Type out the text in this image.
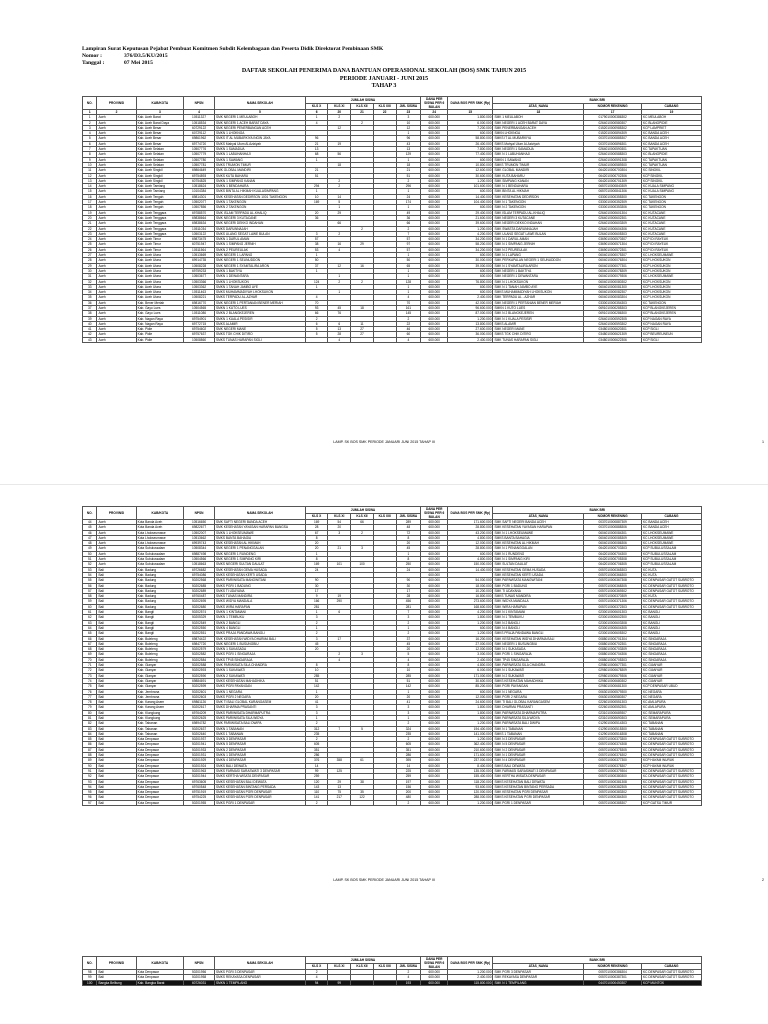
Lampiran Surat Keputusan Pejabat Pembuat Komitmen Subdit Kelembagaan dan Peserta Didik Direktorat Pembinaan SMK
Nomor :	376/D3.5/KU/2015
Tanggal :	07 Mei 2015
DAFTAR SEKOLAH PENERIMA DANA BANTUAN OPERASIONAL SEKOLAH (BOS) SMK TAHUN 2015
PERIODE JANUARI - JUNI 2015
TAHAP 3
NO.	PROVINSI	KAB/KOTA	NPSN	NAMA SEKOLAH	JUMLAH SISWA					DANA PER SISWA PER 6 BULAN	DANA BOS PER SMK (Rp)	BANK BRI		
					KLS X	KLS XI	KLS XII	KLS XIII	JML SISWA			ATAS_NAMA	NOMOR REKENING	CABANG
1	2	3	4	5	6	20	21	22	23	24	15	18	17	19
1	Aceh	Kab. Aceh Barat	10511327	SMK NEGERI 1 MEULABOH	1	2			3	600.000	1.800.000	SMK 1 MEULABOH	0179010000386302	KC MEULABOH
2	Aceh	Kab. Aceh Barat Daya	10518534	SMK NEGERI 1 ACEH BARAT DAYA	4		2		10	600.000	6.000.000	SMK NEGERI 1 ACEH BARAT DAYA	0264010000580307	KC BLANGPIDIE
3	Aceh	Kab. Aceh Besar	60729122	SMK NEGERI PENERBANGAN ACEH		12			12	600.000	7.200.000	SMK PENERBANGAN ACEH	0152010000985302	KCP LAMPRIET
4	Aceh	Kab. Aceh Besar	60729112	SMKN 1 LHOKNGA					1	600.000	600.000	SMKN LHOKNGA	0152010000894309	KC BANDA ACEH
5	Aceh	Kab. Aceh Besar	69861962	SMKS IT AL MUBARKIYA INGIN JAYA	96				96	600.000	58.800.000	SMKS IT AL MUBARKIYA	0037010000885307	KC BANDA ACEH
6	Aceh	Kab. Aceh Besar	69774720	SMKS Mahyal Ulum Al-Aziziyah	21	19			43	600.000	26.400.000	SMKS Mahyal Ulum Al-Aziziyah	0037010000896301	KC BANDA ACEH
7	Aceh	Kab. Aceh Selatan	10507776	SMKN 1 SAMADUA	13				13	600.000	7.800.000	SMK NEGERI 1 SAMADUA	0264010000590301	KC TAPAKTUAN
8	Aceh	Kab. Aceh Selatan	10507779	SMKN 1 LABUHANHAJI	68	56			129	600.000	77.400.000	SMK N 1 LABUHANHAJI	0264010000588303	KC BLANGPIDIE
9	Aceh	Kab. Aceh Selatan	10507780	SMKN 1 SAWANG	1				1	600.000	600.000	SMKN 1 SAWANG	0264010000591308	KC TAPAKTUAN
10	Aceh	Kab. Aceh Selatan	10507781	SMKS TRUMON TIMUR		18			18	600.000	10.800.000	SMKS TRUMON TIMUR	0264010000589300	KC TAPAKTUAN
11	Aceh	Kab. Aceh Singkil	69864649	SMK GLOBAL MANDIRI	21				21	600.000	12.600.000	SMK GLOBAL MANDIRI	0642010000700304	KC SINGKIL
12	Aceh	Kab. Aceh Singkil	69754893	SMKS KUTA BAHARU	51				51	600.000	30.600.000	SMK KUTA BAHARU	0642010000702306	KCP SINGKIL
13	Aceh	Kab. Aceh Singkil	60754825	SMKN 1 SIMPANG KANAN		2			2	600.000	1.200.000	SMK SIMPANG KANAN	0642010000701309	KCP SINGKIL
14	Aceh	Kab. Aceh Tamiang	10518624	SMKN 1 BENDAHARA	294	2			296	600.000	101.600.000	SMK N 1 BENDAHARA	0657010000840309	KC KUALA SIMPANG
15	Aceh	Kab. Aceh Tamiang	10104384	SMKS BINTA AL HIKMAH KUALASIMPANG	1				1	600.000	600.000	SMK BINTA AL HIKMAH	0657010000841306	KC KUALA SIMPANG
16	Aceh	Kab. Aceh Tengah	69814301	SMK KESEHATAN DEDIRSON 1001 TAKENGON	10	14			24	600.000	14.400.000	SMK KESEHATAN DEDIRSON	0330010000355300	KC TAKENGON
17	Aceh	Kab. Aceh Tengah	10502077	SMKN 1 TAKENGON	169	5			174	600.000	104.400.000	SMK N 1 TAKENGON	0330010000352309	KC TAKENGON
18	Aceh	Kab. Aceh Tengah	10507856	SMKN 2 TAKENGON		1			1	600.000	600.000	SMK N 2 TAKENGON	0330010000353306	KC TAKENGON
19	Aceh	Kab. Aceh Tenggara	69788570	SMK ISLAM TERPADU AL-KHALIQ	20	29			49	600.000	29.400.000	SMK ISLAM TERPADU AL-KHALIQ	0264010000601304	KC KUTACANE
20	Aceh	Kab. Aceh Tenggara	69838664	SMK NEGERI 3 KUTACANE	36				36	600.000	21.600.000	SMK NEGERI 3 KUTACANE	0264010000602301	KC KUTACANE
21	Aceh	Kab. Aceh Tenggara	69838634	SMK NEGERI DEKKO INDAHAN		66			66	600.000	39.600.000	SMK NEGERI DEKKO INDAHAN	0264010000603309	KC KUTACANE
22	Aceh	Kab. Aceh Tenggara	10511034	SMKS DARUNNAJAH			2		2	600.000	1.200.000	SMK SWASTA DARUNNAJAH	0264010000604306	KC KUTACANE
23	Aceh	Kab. Aceh Tenggara	10503122	SMKS ULANG SEGAT LAWE BULAN	3	2			7	600.000	4.200.000	SMK ULANG SEGAT LAWE BULAN	0264010000605303	KC KUTACANE
24	Aceh	Kab. Aceh Timur	69873475	SMKN 1 DARUL AMAN	57				57	600.000	34.200.000	SMK N 1 DARUL AMAN	0369010000570307	KCP IDI RAYEUK
25	Aceh	Kab. Aceh Timur	60751947	SMKN 1 SIMPANG JERNIH	38	16	29		97	600.000	58.200.000	SMK N 1 SIMPANG JERNIH	0369010000571304	KCP IDI RAYEUK
26	Aceh	Kab. Aceh Timur	10511564	SMKN 2 PEUREULAK	53	4			57	600.000	34.200.000	SMK N 2 PEUREULAK	0369010000572301	KCP IDI RAYEUK
27	Aceh	Kab. Aceh Utara	10513669	SMK NEGERI 1 LAPANG	1				1	600.000	600.000	SMK N 1 LAPANG	0604010000075307	KC LHOKSEUMAWE
28	Aceh	Kab. Aceh Utara	69914735	SMK NEGERI 1 SEUNUDDON	50				50	600.000	30.000.000	SMK PERKAPALAN NEGERI 1 SEUNUDDON	0604010000076304	KCP LHOKSUKON
29	Aceh	Kab. Aceh Utara	10508228	SMK NEGERI 1 SYAMTALIRA ARON	37	12	16		65	600.000	39.000.000	SMK N 1 SYAMTALIRA ARON	0604010000077301	KCP LHOKSUKON
30	Aceh	Kab. Aceh Utara	69759233	SMKN 1 BAKTIYA	1				1	600.000	600.000	SMK NEGERI 1 BAKTIYA	0604010000078309	KCP LHOKSUKON
31	Aceh	Kab. Aceh Utara	10503677	SMKN 1 DEWANTARA		1			1	600.000	600.000	SMK NEGERI 1 DEWANTARA	0604010000079306	KC LHOKSEUMAWE
32	Aceh	Kab. Aceh Utara	10503366	SMKN 1 LHOKSUKON	124	2	2		128	600.000	76.800.000	SMK N 1 LHOKSUKON	0604010000080302	KCP LHOKSUKON
33	Aceh	Kab. Aceh Utara	10503362	SMKN 1 TANAH JAMBO AYE	1				1	600.000	600.000	SMK N 1 TANAH JAMBO AYE	0604010000081300	KCP LHOKSUKON
34	Aceh	Kab. Aceh Utara	10511463	SMKS MUHAMMADIYAH LHOKSUKON		1			1	600.000	600.000	SMKS MUHAMMADIYAH LHOKSUKON	0604010000082307	KCP LHOKSUKON
35	Aceh	Kab. Aceh Utara	10508221	SMKS TERPADU AL-AZHAR	4				4	600.000	2.400.000	SMK TERPADU AL - AZHAR	0604010000083304	KCP LHOKSUKON
36	Aceh	Kab. Bener Meriah	69816770	SMK NEGERI 1 PERTANIAN BENER MERIAH	70				70	600.000	42.000.000	SMK NEGERI 1 PERTANIAN BENER MERIAH	0330010000354303	KC TAKENGON
37	Aceh	Kab. Gayo Lues	10504565	SMKN 1 KUTO LUES	93	45	18		161	600.000	96.600.000	SMKN 1 KUTO LUES	0691010000285303	KCP BLANGKEJEREN
38	Aceh	Kab. Gayo Lues	10511086	SMKN 2 BLANGKEJEREN	66	76			145	600.000	87.000.000	SMK N 2 BLANGKEJEREN	0691010000286300	KCP BLANGKEJEREN
39	Aceh	Kab. Nagan Raya	69754901	SMKN 1 KUALA PESISIR	2				2	600.000	1.200.000	SMK N 1 KUALA PESISIR	0264010000592305	KCP NAGAN RAYA
40	Aceh	Kab. Nagan Raya	69772715	SMKS ALAMIR	6	6	11		22	600.000	13.800.000	SMKS ALAMIR	0264010000593302	KCP NAGAN RAYA
41	Aceh	Kab. Pidie	69754602	SMK NEGERI MANE	5	13	27		46	600.000	27.600.000	SMK NEGERI MANE	0348010000620301	KCP SIGLI
42	Aceh	Kab. Pidie	69757637	SMKS TGK CHIK DITIRO	5	28	27		60	600.000	36.000.000	SMKS TGK CHIK DITIRO	0348010000621309	KCP BEUREUNEUN
43	Aceh	Kab. Pidie	10508860	SMKS TUNAS HARAPAN SIGLI		4			4	600.000	2.400.000	SMK TUNAS HARAPAN SIGLI	0348010000622306	KCP SIGLI
LAMP. SK BOS SMK PERIODE JANUARI JUNI 2015 TAHAP III	1
NO.	PROVINSI	KAB/KOTA	NPSN	NAMA SEKOLAH	JUMLAH SISWA					DANA PER SISWA PER 6 BULAN	DANA BOS PER SMK (Rp)	BANK BRI		
					KLS X	KLS XI	KLS XII	KLS XIII	JML SISWA			ATAS_NAMA	NOMOR REKENING	CABANG
44	Aceh	Kota Banda Aceh	10516650	SMK SAFTI NEGERI BANDA ACEH	169	54	66		289	600.000	171.600.000	SMK SAFTI NEGERI BANDA ACEH	0037010000887309	KC BANDA ACEH
45	Aceh	Kota Banda Aceh	69822677	SMK KESEHATAN YAYASAN HARAPAN BANGSA	28	20			48	600.000	28.800.000	SMK KESEHATAN YAYASAN HARAPAN	0037010000888306	KC BANDA ACEH
46	Aceh	Kota Lhokseumawe	10502007	SMKN 1 LHOKSEUMAWE	67	3	2		72	600.000	43.200.000	SMK N 1 LHOKSEUMAWE	0604010000084301	KC LHOKSEUMAWE
47	Aceh	Kota Lhokseumawe	10513662	SMKS BANTA BAHAGIA	8				8	600.000	4.800.000	SMKS BANTA BAHAGIA	0604010000085309	KC LHOKSEUMAWE
48	Aceh	Kota Lhokseumawe	69939743	SMK KESEHATAN AL HIKMAH	20				20	600.000	12.000.000	SMK KESEHATAN AL HIKMAH	0604010000086306	KC LHOKSEUMAWE
49	Aceh	Kota Subulussalam	10508344	SMK NEGERI 1 PENANGGALAN	20	21	3		45	600.000	28.800.000	SMK N 1 PENANGGALAN	0642010000703303	KCP SUBULUSSALAM
50	Aceh	Kota Subulussalam	69887498	SMK NEGERI 1 RUNDENG	1				1	600.000	600.000	SMK N 1 RUNDENG	0642010000704300	KCP SUBULUSSALAM
51	Aceh	Kota Subulussalam	10504566	SMK NEGERI 1 SIMPANG KIRI	8				8	600.000	4.800.000	SMK N 1 SIMPANG KIRI	0642010000705308	KCP SUBULUSSALAM
52	Aceh	Kota Subulussalam	10518663	SMKS NEGERI SULTAN DAULAT	169	101	100		250	600.000	150.000.000	SMK SULTAN DAULAT	0642010000706305	KCP SUBULUSSALAM
53	Bali	Kab. Badung	69726682	SMK KESEHATAN GEMA HUSADA	24				24	600.000	14.400.000	SMK KESEHATAN GEMA HUSADA	0057010000365303	KC KUTA
54	Bali	Kab. Badung	69754086	SMKS KESEHATAN KERTI USADA						600.000		SMK KESEHATAN KERTI USADA	0057010000366300	KC KUTA
55	Bali	Kab. Badung	50202568	SMKS PARIWISATA MANGWITANI	90				90	600.000	54.000.000	SMK PARIWISATA MANGWITANI	0057010000367308	KC DENPASAR GATOT SUBROTO
56	Bali	Kab. Badung	50202685	SMKS PGRI 1 BADUNG	30				30	600.000	18.000.000	SMK PGRI 1 BADUNG	0057010000368305	KC DENPASAR GATOT SUBROTO
57	Bali	Kab. Badung	50202689	SMKS TI UDAYANA	17				17	600.000	10.200.000	SMK TI UDAYANA	0057010000369302	KC DENPASAR GATOT SUBROTO
58	Bali	Kab. Badung	69760487	SMKS TUNAS MANDIRA	9	19			28	600.000	16.800.000	SMKS TUNAS MANDIRA	0057010000370309	KC KUTA
59	Bali	Kab. Badung	50202695	SMKS WIDYA MANDALA	166	290			456	600.000	273.600.000	SMK WIDYA MANDALA	0057010000371306	KC DENPASAR GATOT SUBROTO
60	Bali	Kab. Badung	50202680	SMKS WIRA HARAPAN	281				281	600.000	168.600.000	SMK WIRA HARAPAN	0057010000372303	KC DENPASAR GATOT SUBROTO
61	Bali	Kab. Bangli	50202574	SMKN 1 KINTAMANI	1	6			7	600.000	4.200.000	SMK N 1 KINTAMANI	0230010000601303	KC BANGLI
62	Bali	Kab. Bangli	50205329	SMKN 1 TEMBUKU	3				3	600.000	1.800.000	SMK N 1 TEMBUKU	0230010000602300	KC BANGLI
63	Bali	Kab. Bangli	50202549	SMKN 2 BANGLI	2				2	600.000	1.200.000	SMK N 2 BANGLI	0230010000603308	KC BANGLI
64	Bali	Kab. Bangli	50202550	SMKN 4 BANGLI	1				1	600.000	600.000	SMK N 4 BANGLI	0230010000604305	KC BANGLI
65	Bali	Kab. Bangli	50202551	SMKS PRAJA PANDAWA BANGLI	2				2	600.000	1.200.000	SMKS PRAJA PANDAWA BANGLI	0230010000605302	KC BANGLI
66	Bali	Kab. Buleleng	69874422	SMK KESEHATAN WIDYA DHARMA BALI	3	17			37	600.000	16.200.000	SMK KESEHATAN WIDYA DHARMA BALI	0088010000701304	KC SINGARAJA
67	Bali	Kab. Buleleng	69847720	SMK NEGERI 1 BUSUNGBIU	45				45	600.000	27.000.000	SMK NEGERI 1 BUSUNGBIU	0088010000702301	KC SINGARAJA
68	Bali	Kab. Buleleng	50202579	SMKN 1 SUKASADA	20				20	600.000	12.000.000	SMK N 1 SUKASADA	0088010000703309	KC SINGARAJA
69	Bali	Kab. Buleleng	50202582	SMKS PGRI 1 SINGARAJA		2	3		5	600.000	3.000.000	SMK PGRI 1 SINGARAJA	0088010000704306	KC SINGARAJA
70	Bali	Kab. Buleleng	50202584	SMKS TP45 SINGARAJA		4			4	600.000	2.400.000	SMK TP45 SINGARAJA	0088010000705303	KC SINGARAJA
71	Bali	Kab. Gianyar	50202588	SMK PARIWISATA SILA CHANDRA	8				8	600.000	4.800.000	SMK PARIWISATA SILA CHANDRA	0298010000677301	KC GIANYAR
72	Bali	Kab. Gianyar	50202593	SMKN 1 SUKAWATI	10				10	600.000	6.000.000	SMK N 1 SUKAWATI	0298010000678309	KC GIANYAR
73	Bali	Kab. Gianyar	50202590	SMKN 2 SUKAWATI	285				285	600.000	171.000.000	SMK N 2 SUKAWATI	0298010000679306	KC GIANYAR
74	Bali	Kab. Gianyar	69884691	SMKS KESEHATAN MAHADHIKA	51				51	600.000	30.600.000	SMKS KESEHATAN MAHADHIKA	0298010000680302	KC GIANYAR
75	Bali	Kab. Gianyar	50202599	SMKS PGRI PAYANGAN	142				142	600.000	85.200.000	SMK PGRI PAYANGAN	0298010000681300	KCP DENPASAR UBUD
76	Bali	Kab. Jembrana	50202601	SMKN 1 NEGARA	1				1	600.000	600.000	SMK N 1 NEGARA	0063010000579300	KC NEGARA
77	Bali	Kab. Jembrana	50202603	SMKS PGRI 2 NEGARA	20				20	600.000	12.000.000	SMK PGRI 2 NEGARA	0063010000580307	KC NEGARA
78	Bali	Kab. Karang Asem	69861126	SMK TI BALI GLOBAL KARANGASEM	41				41	600.000	24.600.000	SMK TI BALI GLOBAL KARANGASEM	0226010000551303	KC AMLAPURA
79	Bali	Kab. Karang Asem	50202617	SMKS DHARMA PRASANTI	3				3	600.000	1.800.000	SMK DHARMA PRASANTI	0226010000552301	KC AMLAPURA
80	Bali	Kab. Klungkung	69764209	SMKS PARIWISATA DHARMAPUTRA	3				3	600.000	1.800.000	SMK PARIWISATA DHARMAPUTRA	0231010000689307	KC SEMARAPURA
81	Bali	Kab. Klungkung	50202625	SMKS PARIWISATA SILA WIDYA	1				1	600.000	600.000	SMK PARIWISATA SILA WIDYA	0231010000690303	KC SEMARAPURA
82	Bali	Kab. Tabanan	69894782	SMK PARIWISATA BALI DWIPA	2				2	600.000	1.200.000	SMK PARIWISATA BALI DWIPA	0129010000514303	KC TABANAN
83	Bali	Kab. Tabanan	50202637	SMKN 1 TABANAN	312	7	5		324	600.000	194.400.000	SMK N 1 TABANAN	0129010000515300	KC TABANAN
84	Bali	Kab. Tabanan	50202640	SMKS 1 TABANAN	235				235	600.000	141.000.000	SMKS 1 TABANAN	0129010000516308	KC TABANAN
85	Bali	Kota Denpasar	50201937	SMKN 3 DENPASAR	2				2	600.000	1.200.000	SMK N 3 DENPASAR	0057010000373300	KC DENPASAR GATOT SUBROTO
86	Bali	Kota Denpasar	50201941	SMKN 5 DENPASAR	605				605	600.000	362.400.000	SMK N 5 DENPASAR	0057010000374308	KC DENPASAR GATOT SUBROTO
87	Bali	Kota Denpasar	50201933	SMKN 2 DENPASAR	351				351	600.000	210.600.000	SMK N 2 DENPASAR	0057010000375305	KC DENPASAR GATOT SUBROTO
88	Bali	Kota Denpasar	50201931	SMKN 1 DENPASAR	286				286	600.000	171.600.000	SMK N 1 DENPASAR	0057010000376302	KC DENPASAR GATOT SUBROTO
89	Bali	Kota Denpasar	50201929	SMKN 4 DENPASAR	376	358	61		395	600.000	237.000.000	SMK N 4 DENPASAR	0057010000377300	KCP HAYAM WURUK
90	Bali	Kota Denpasar	50201924	SMKS BALI DEWATA	14				14	600.000	8.400.000	SMKS BALI DEWATA	0057010000378307	KCP HAYAM WURUK
91	Bali	Kota Denpasar	50201963	SMKS FARMASI SARASWATI 3 DENPASAR	99	125			225	600.000	135.000.000	SMK FARMASI SARASWATI 3 DENPASAR	0057010000379304	KC DENPASAR GATOT SUBROTO
92	Bali	Kota Denpasar	50201944	SMKS KERTHA WISATA DENPASAR	259				259	600.000	155.400.000	SMK KERTHA WISATA DENPASAR	0057010000380300	KC DENPASAR GATOT SUBROTO
93	Bali	Kota Denpasar	69763605	SMKS KESEHATAN BALI DEWATA	120	29	38		197	600.000	118.200.000	SMKS KESEHATAN BALI DEWATA	0057010000381308	KC DENPASAR GATOT SUBROTO
94	Bali	Kota Denpasar	69760548	SMKS KESEHATAN BINTANG PERSADA	143	13			156	600.000	93.600.000	SMKS KESEHATAN BINTANG PERSADA	0057010000382305	KC DENPASAR GATOT SUBROTO
95	Bali	Kota Denpasar	69751919	SMKS KESEHATAN PGRI DENPASAR	110	75	35		200	600.000	120.000.000	SMK KESEHATAN PGRI DENPASAR	0057010000383302	KC DENPASAR GATOT SUBROTO
96	Bali	Kota Denpasar	69754225	SMKS KESEHATAN PGRI DENPASAR	141	217	122		480	600.000	288.000.000	SMKS KESEHATAN PGRI DENPASAR	0057010000384300	KC DENPASAR GATOT SUBROTO
97	Bali	Kota Denpasar	50201955	SMKS PGRI 1 DENPASAR	2				2	600.000	1.200.000	SMK PGRI 1 DENPASAR	0057010000385307	KCP GATSU TIMUR
LAMP. SK BOS SMK PERIODE JANUARI JUNI 2015 TAHAP III	2
NO.	PROVINSI	KAB/KOTA	NPSN	NAMA SEKOLAH	JUMLAH SISWA					DANA PER SISWA PER 6 BULAN	DANA BOS PER SMK (Rp)	BANK BRI		
					KLS X	KLS XI	KLS XII	KLS XIII	JML SISWA			ATAS_NAMA	NOMOR REKENING	CABANG
98	Bali	Kota Denpasar	50201956	SMKS PGRI 3 DENPASAR	2				2	600.000	1.200.000	SMK PGRI 3 DENPASAR	0057010000386304	KC DENPASAR GATOT SUBROTO
99	Bali	Kota Denpasar	50201958	SMKS REKAYASA DENPASAR	4				4	600.000	2.400.000	SMK REKAYASA DENPASAR	0057010000387301	KC DENPASAR GATOT SUBROTO
100	Bangka Belitung	Kab. Bangka Barat	60726031	SMKN 1 TEMPILANG	94	99			193	600.000	115.800.000	SMK N 1 TEMPILANG	0447010000450307	KCP MUNTOK
